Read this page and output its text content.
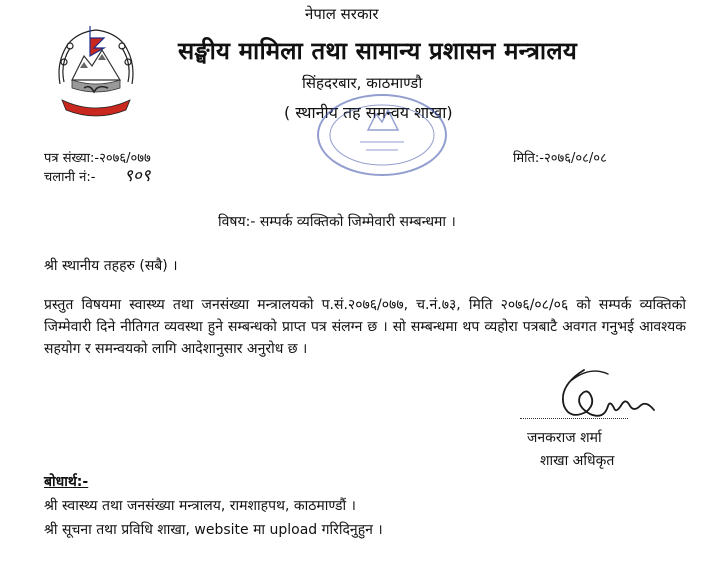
नेपाल सरकार
सङ्घीय मामिला तथा सामान्य प्रशासन मन्त्रालय
सिंहदरबार, काठमाण्डौ
( स्थानीय तह समन्वय शाखा)
पत्र संख्या:-२०७६/०७७
चलानी नं:- ९०९
मिति:-२०७६/०८/०८
विषय:- सम्पर्क व्यक्तिको जिम्मेवारी सम्बन्धमा ।
श्री स्थानीय तहहरु (सबै) ।

प्रस्तुत विषयमा स्वास्थ्य तथा जनसंख्या मन्त्रालयको प.सं.२०७६/०७७, च.नं.७३, मिति २०७६/०८/०६ को सम्पर्क व्यक्तिको जिम्मेवारी दिने नीतिगत व्यवस्था हुने सम्बन्धको प्राप्त पत्र संलग्न छ । सो सम्बन्धमा थप व्यहोरा पत्रबाटै अवगत गनुभई आवश्यक सहयोग र समन्वयको लागि आदेशानुसार अनुरोध छ ।

जनकराज शर्मा
शाखा अधिकृत
बोधार्थ:-
श्री स्वास्थ्य तथा जनसंख्या मन्त्रालय, रामशाहपथ, काठमाण्डौं ।
श्री सूचना तथा प्रविधि शाखा, website मा upload गरिदिनुहुन ।
